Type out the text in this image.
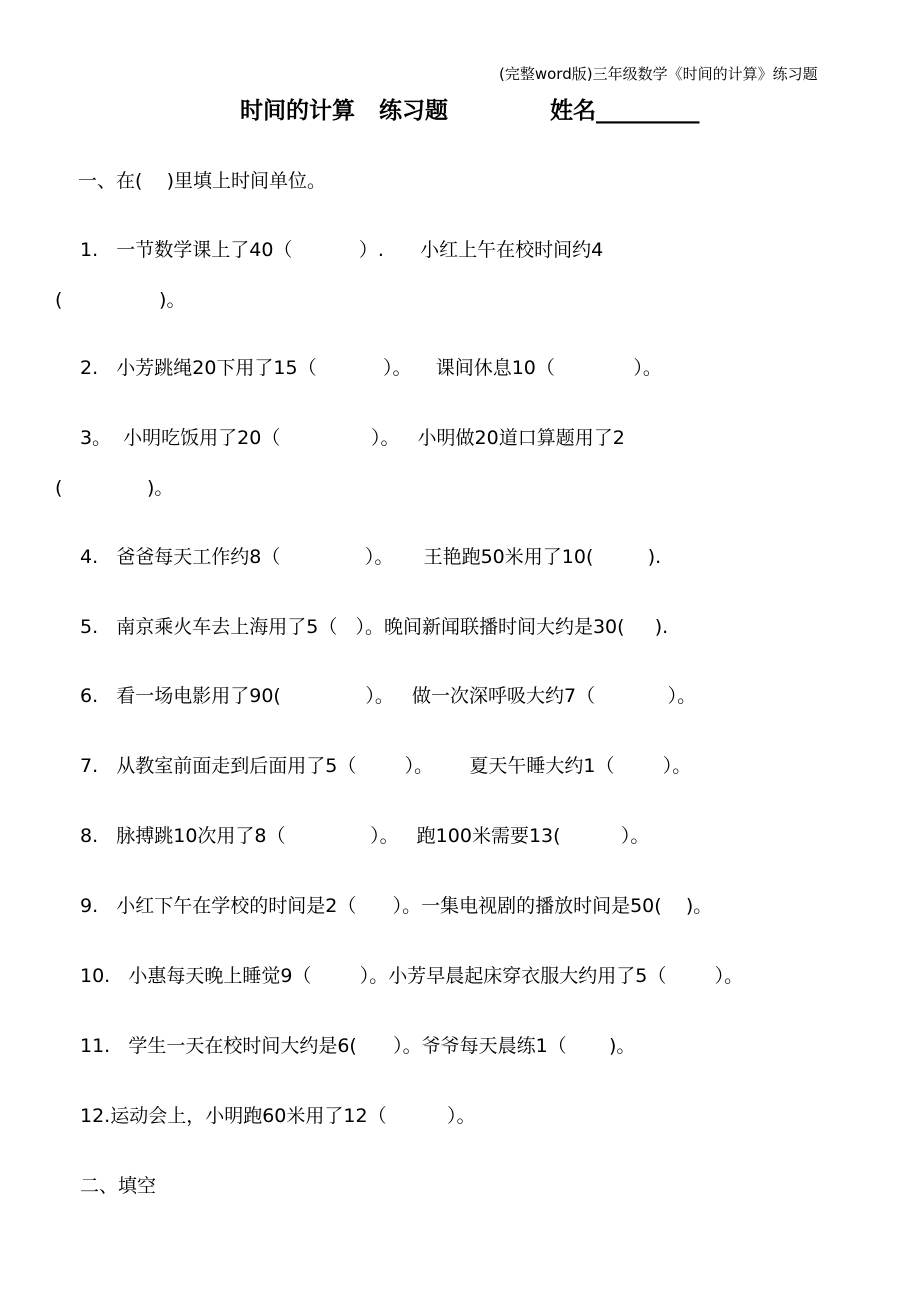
(完整word版)三年级数学《时间的计算》练习题
时间的计算   练习题	姓名_________
一、在(    )里填上时间单位。
1.   一节数学课上了40（           ）.      小红上午在校时间约4
(                )。
2.   小芳跳绳20下用了15（           ）。    课间休息10（             ）。
3。  小明吃饭用了20（               ）。   小明做20道口算题用了2
(              )。
4.   爸爸每天工作约8（              ）。     王艳跑50米用了10(         ).
5.   南京乘火车去上海用了5（   ）。晚间新闻联播时间大约是30(     ).
6.   看一场电影用了90(              ）。   做一次深呼吸大约7（            ）。
7.   从教室前面走到后面用了5（        ）。      夏天午睡大约1（        ）。
8.   脉搏跳10次用了8（              ）。   跑100米需要13(          ）。
9.   小红下午在学校的时间是2（      ）。一集电视剧的播放时间是50(    )。
10.   小惠每天晚上睡觉9（        ）。小芳早晨起床穿衣服大约用了5（        ）。
11.   学生一天在校时间大约是6(      ）。爷爷每天晨练1（       )。
12.运动会上，小明跑60米用了12（          ）。
二、填空
